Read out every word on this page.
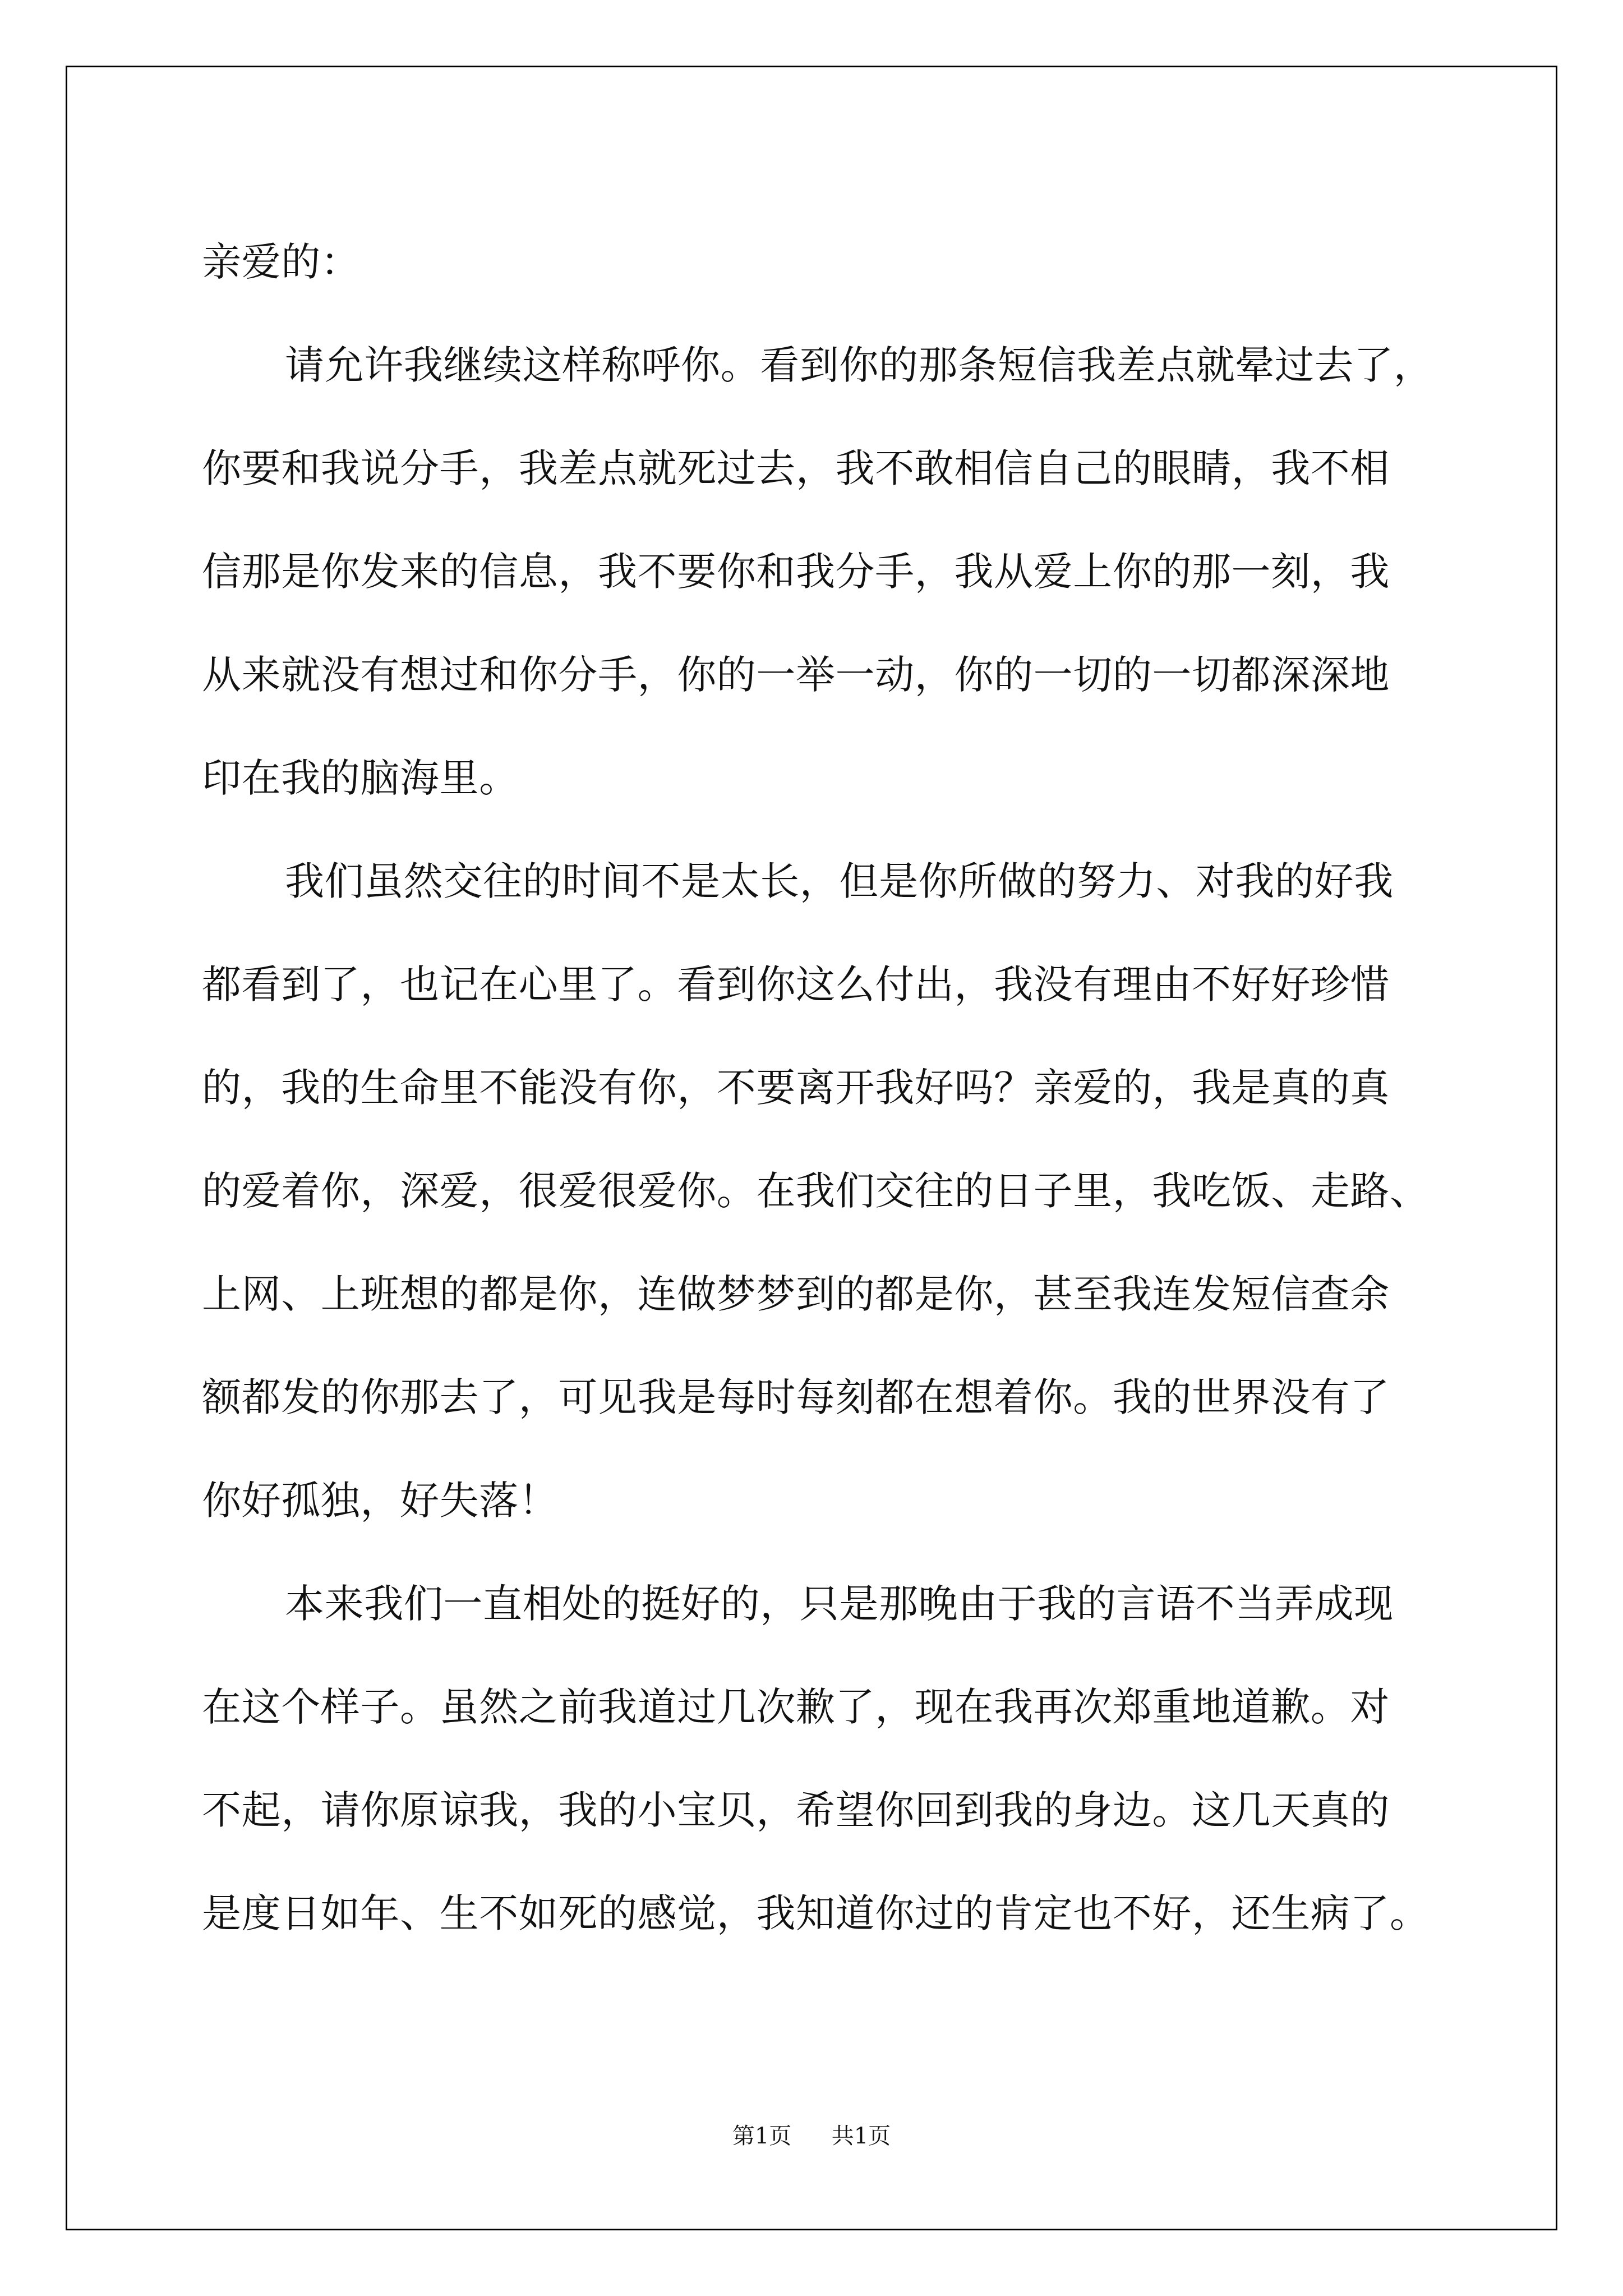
亲爱的：
请允许我继续这样称呼你。看到你的那条短信我差点就晕过去了，
你要和我说分手，我差点就死过去，我不敢相信自己的眼睛，我不相
信那是你发来的信息，我不要你和我分手，我从爱上你的那一刻，我
从来就没有想过和你分手，你的一举一动，你的一切的一切都深深地
印在我的脑海里。
我们虽然交往的时间不是太长，但是你所做的努力、对我的好我
都看到了，也记在心里了。看到你这么付出，我没有理由不好好珍惜
的，我的生命里不能没有你，不要离开我好吗？亲爱的，我是真的真
的爱着你，深爱，很爱很爱你。在我们交往的日子里，我吃饭、走路、
上网、上班想的都是你，连做梦梦到的都是你，甚至我连发短信查余
额都发的你那去了，可见我是每时每刻都在想着你。我的世界没有了
你好孤独，好失落！
本来我们一直相处的挺好的，只是那晚由于我的言语不当弄成现
在这个样子。虽然之前我道过几次歉了，现在我再次郑重地道歉。对
不起，请你原谅我，我的小宝贝，希望你回到我的身边。这几天真的
是度日如年、生不如死的感觉，我知道你过的肯定也不好，还生病了。
第1页 共1页
